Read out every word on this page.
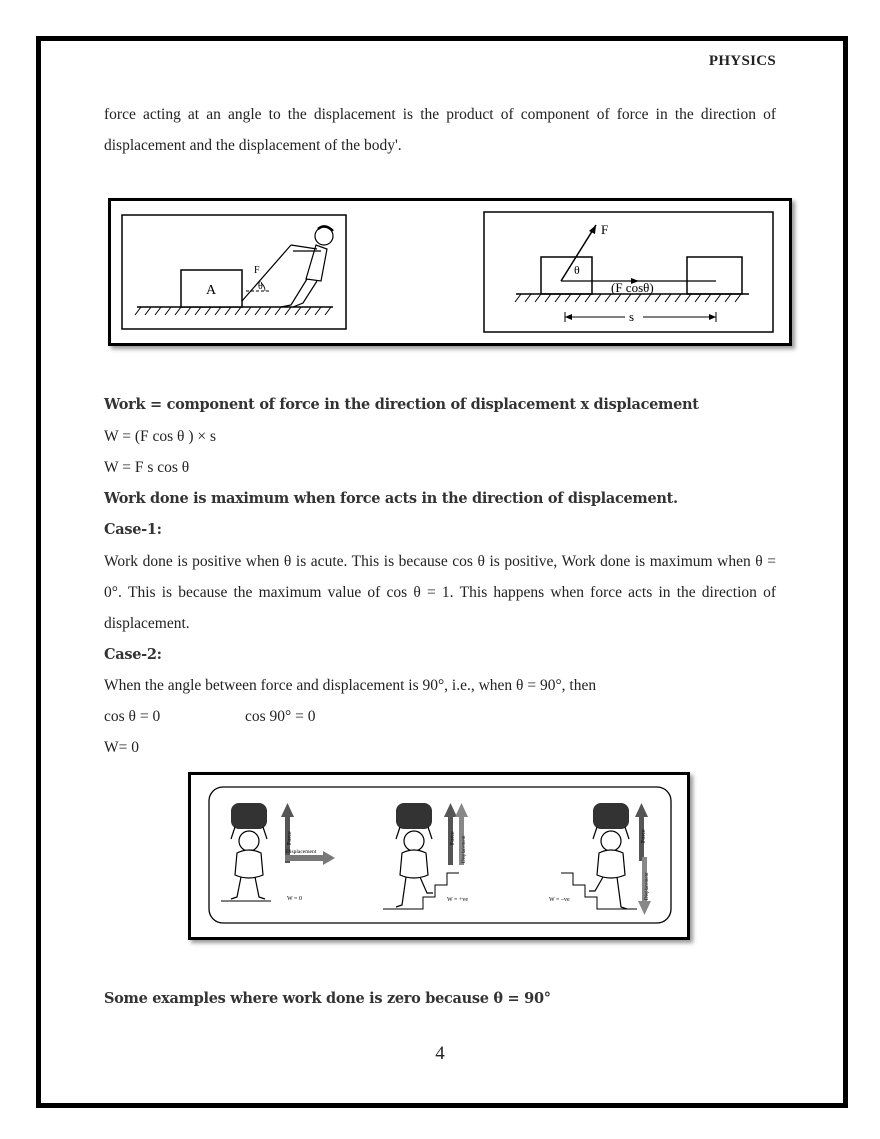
PHYSICS

force acting at an angle to the displacement is the product of component of force in the direction of displacement and the displacement of the body'.

A
F
θ
F
θ
(F cosθ)
s
Work = component of force in the direction of displacement x displacement
W = (F cos θ ) × s
W = F s cos θ
Work done is maximum when force acts in the direction of displacement.
Case-1:

Work done is positive when θ is acute. This is because cos θ is positive, Work done is maximum when θ = 0°. This is because the maximum value of cos θ = 1. This happens when force acts in the direction of displacement.

Case-2:
When the angle between force and displacement is 90°, i.e., when θ = 90°, then
cos θ = 0	cos 90° = 0
W= 0
Force
Displacement
W = 0
Force Displacement
W = +ve
Force
Displacement
W = –ve
Some examples where work done is zero because θ = 90°
4
